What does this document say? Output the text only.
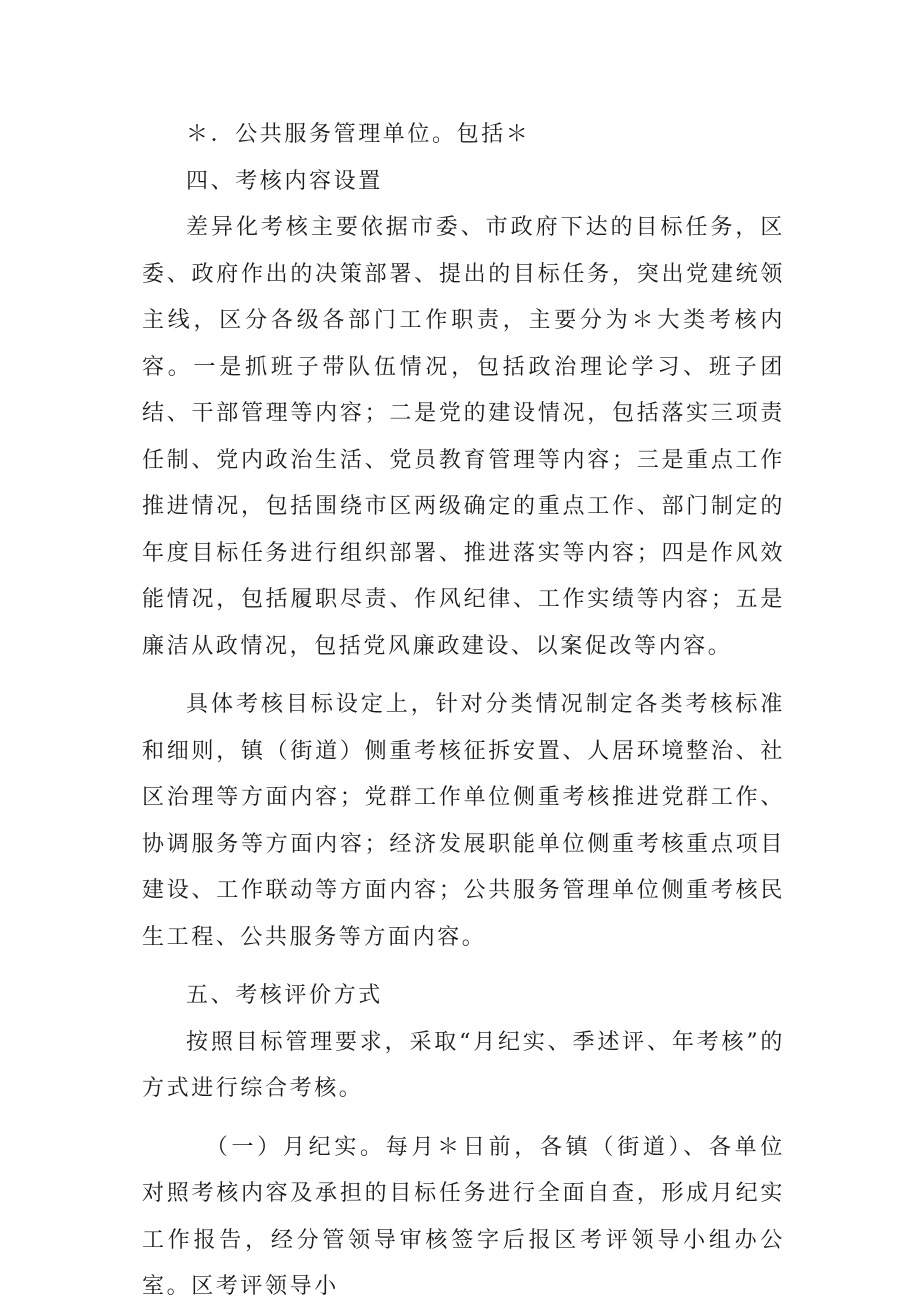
＊．公共服务管理单位。包括＊

四、考核内容设置

差异化考核主要依据市委、市政府下达的目标任务，区委、政府作出的决策部署、提出的目标任务，突出党建统领主线，区分各级各部门工作职责，主要分为＊大类考核内容。一是抓班子带队伍情况，包括政治理论学习、班子团结、干部管理等内容；二是党的建设情况，包括落实三项责任制、党内政治生活、党员教育管理等内容；三是重点工作推进情况，包括围绕市区两级确定的重点工作、部门制定的年度目标任务进行组织部署、推进落实等内容；四是作风效能情况，包括履职尽责、作风纪律、工作实绩等内容；五是廉洁从政情况，包括党风廉政建设、以案促改等内容。

具体考核目标设定上，针对分类情况制定各类考核标准和细则，镇（街道）侧重考核征拆安置、人居环境整治、社区治理等方面内容；党群工作单位侧重考核推进党群工作、协调服务等方面内容；经济发展职能单位侧重考核重点项目建设、工作联动等方面内容；公共服务管理单位侧重考核民生工程、公共服务等方面内容。

五、考核评价方式

按照目标管理要求，采取“月纪实、季述评、年考核”的方式进行综合考核。

（一）月纪实。每月＊日前，各镇（街道）、各单位对照考核内容及承担的目标任务进行全面自查，形成月纪实工作报告，经分管领导审核签字后报区考评领导小组办公室。区考评领导小
